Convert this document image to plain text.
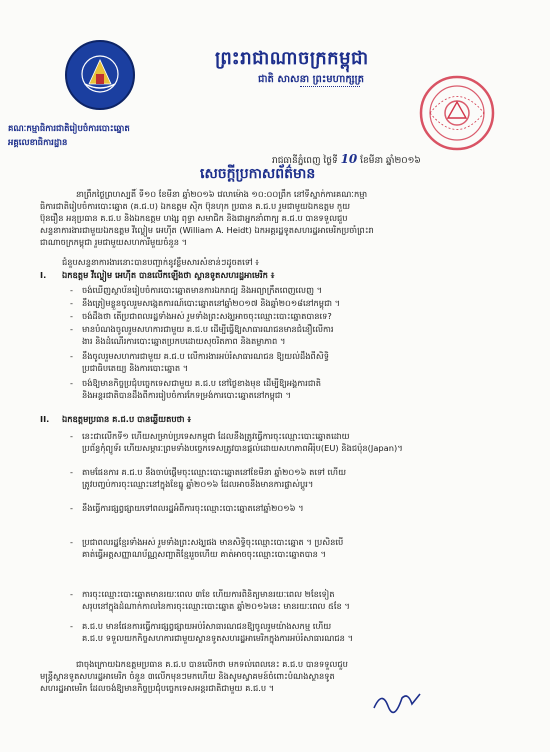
គណៈកម្មាធិការជាតិរៀបចំការបោះឆ្នោត
អគ្គលេខាធិការដ្ឋាន
ព្រះរាជាណាចក្រកម្ពុជា
ជាតិ សាសនា ព្រះមហាក្សត្រ
រាជធានីភ្នំពេញ ថ្ងៃទី 10 ខែមីនា ឆ្នាំ២០១៦
សេចក្ដីប្រកាសព័ត៌មាន
នាព្រឹកថ្ងៃព្រហស្បតិ៍ ទី១០ ខែមីនា ឆ្នាំ២០១៦ វេលាម៉ោង ១០:០០ព្រឹក នៅទីស្នាក់ការគណៈកម្មា
ធិការជាតិរៀបចំការបោះឆ្នោត (គ.ជ.ប) ឯកឧត្ដម ស៊ិក ប៊ុនហុក ប្រធាន គ.ជ.ប រួមជាមួយឯកឧត្ដម កួយ
ប៊ុនរឿន អនុប្រធាន គ.ជ.ប និងឯកឧត្ដម ហង្ស ពុទ្ធា សមាជិក និងជាអ្នកនាំពាក្យ គ.ជ.ប បានទទួលជួប
សន្ទនាការងារជាមួយឯកឧត្ដម វីល្លៀម អេហ៊ីត (William A. Heidt) ឯកអគ្គរដ្ឋទូតសហរដ្ឋអាមេរិកប្រចាំព្រះរា
ជាណាចក្រកម្ពុជា រួមជាមួយសហការីមួយចំនួន ។
ជំនួបសន្ទនាការងារនោះបានបញ្ជាក់នូវខ្លឹមសារសំខាន់ៗដូចតទៅ ៖
I. ឯកឧត្ដម វីល្លៀម អេហ៊ីត បានលើកឡើងថា ស្ថានទូតសហរដ្ឋអាមេរិក ៖
- ចង់ឃើញស្ថាប័នរៀបចំការបោះឆ្នោតមានការឯករាជ្យ និងអព្យាក្រឹតពេញលេញ ។
- នឹងត្រៀមខ្លួនចូលរួមសង្កេតការណ៍បោះឆ្នោតនៅឆ្នាំ២០១៧ និងឆ្នាំ២០១៨នៅកម្ពុជា ។
- ចង់ដឹងថា តើប្រជាពលរដ្ឋទាំងអស់ រួមទាំងព្រះសង្ឃអាចចុះឈ្មោះបោះឆ្នោតបានទេ?
- មានបំណងចូលរួមសហការជាមួយ គ.ជ.ប ដើម្បីធ្វើឱ្យសាធារណជនមានជំនឿលើការ
ងារ និងដំណើរការបោះឆ្នោតប្រកបដោយសុចរិតភាព និងតម្លាភាព ។
- នឹងចូលរួមសហការជាមួយ គ.ជ.ប លើការងារអប់រំសាធារណជន ឱ្យយល់ដឹងពីសិទ្ធិ
ប្រជាធិបតេយ្យ និងការបោះឆ្នោត ។
- ចង់ឱ្យមានកិច្ចប្រជុំបច្ចេកទេសជាមួយ គ.ជ.ប នៅថ្ងៃខាងមុខ ដើម្បីឱ្យអង្គការជាតិ
និងអន្តរជាតិបានដឹងពីការរៀបចំការកែទម្រង់ការបោះឆ្នោតនៅកម្ពុជា ។
II. ឯកឧត្ដមប្រធាន គ.ជ.ប បានឆ្លើយតបថា ៖
- នេះជាលើកទី១ ហើយសម្រាប់ប្រទេសកម្ពុជា ដែលនឹងត្រូវធ្វើការចុះឈ្មោះបោះឆ្នោតដោយ
ប្រព័ន្ធកុំព្យូទ័រ ហើយសម្ភារៈព្រមទាំងបច្ចេកទេសត្រូវបានផ្តល់ដោយសហភាពអឺរ៉ុប(EU) និងជប៉ុន(Japan)។
- តាមផែនការ គ.ជ.ប នឹងចាប់ផ្តើមចុះឈ្មោះបោះឆ្នោតនៅខែមីនា ឆ្នាំ២០១៦ តទៅ ហើយ
ត្រូវបញ្ចប់ការចុះឈ្មោះនៅក្នុងខែធ្នូ ឆ្នាំ២០១៦ ដែលអាចនឹងមានការផ្លាស់ប្ដូរ។
- នឹងធ្វើការផ្សព្វផ្សាយទៅពលរដ្ឋអំពីការចុះឈ្មោះបោះឆ្នោតនៅឆ្នាំ២០១៦ ។
- ប្រជាពលរដ្ឋខ្មែរទាំងអស់ រួមទាំងព្រះសង្ឃផង មានសិទ្ធិចុះឈ្មោះបោះឆ្នោត ។ ប្រសិនបើ
គាត់ធ្វើអត្តសញ្ញាណប័ណ្ណសញ្ជាតិខ្មែររួចហើយ គាត់អាចចុះឈ្មោះបោះឆ្នោតបាន ។
- ការចុះឈ្មោះបោះឆ្នោតមានរយៈពេល ៣ខែ ហើយការពិនិត្យមានរយៈពេល ២ខែទៀត
សរុបនៅក្នុងដំណាក់កាលនៃការចុះឈ្មោះបោះឆ្នោត ឆ្នាំ២០១៦នេះ មានរយៈពេល ៥ខែ ។
- គ.ជ.ប មានផែនការធ្វើការផ្សព្វផ្សាយអប់រំសាធារណជនឱ្យចូលរួមយ៉ាងសកម្ម ហើយ
គ.ជ.ប ទទួលយកកិច្ចសហការជាមួយស្ថានទូតសហរដ្ឋអាមេរិកក្នុងការអប់រំសាធារណជន ។
ជាចុងក្រោយឯកឧត្ដមប្រធាន គ.ជ.ប បានលើកថា មកទល់ពេលនេះ គ.ជ.ប បានទទួលជួប
មន្ត្រីស្ថានទូតសហរដ្ឋអាមេរិក ចំនួន ៣លើកមុនៗមកហើយ និងសូមស្វាគមន៍ចំពោះបំណងស្ថានទូត
សហរដ្ឋអាមេរិក ដែលចង់ឱ្យមានកិច្ចប្រជុំបច្ចេកទេសអន្តរជាតិជាមួយ គ.ជ.ប ។
